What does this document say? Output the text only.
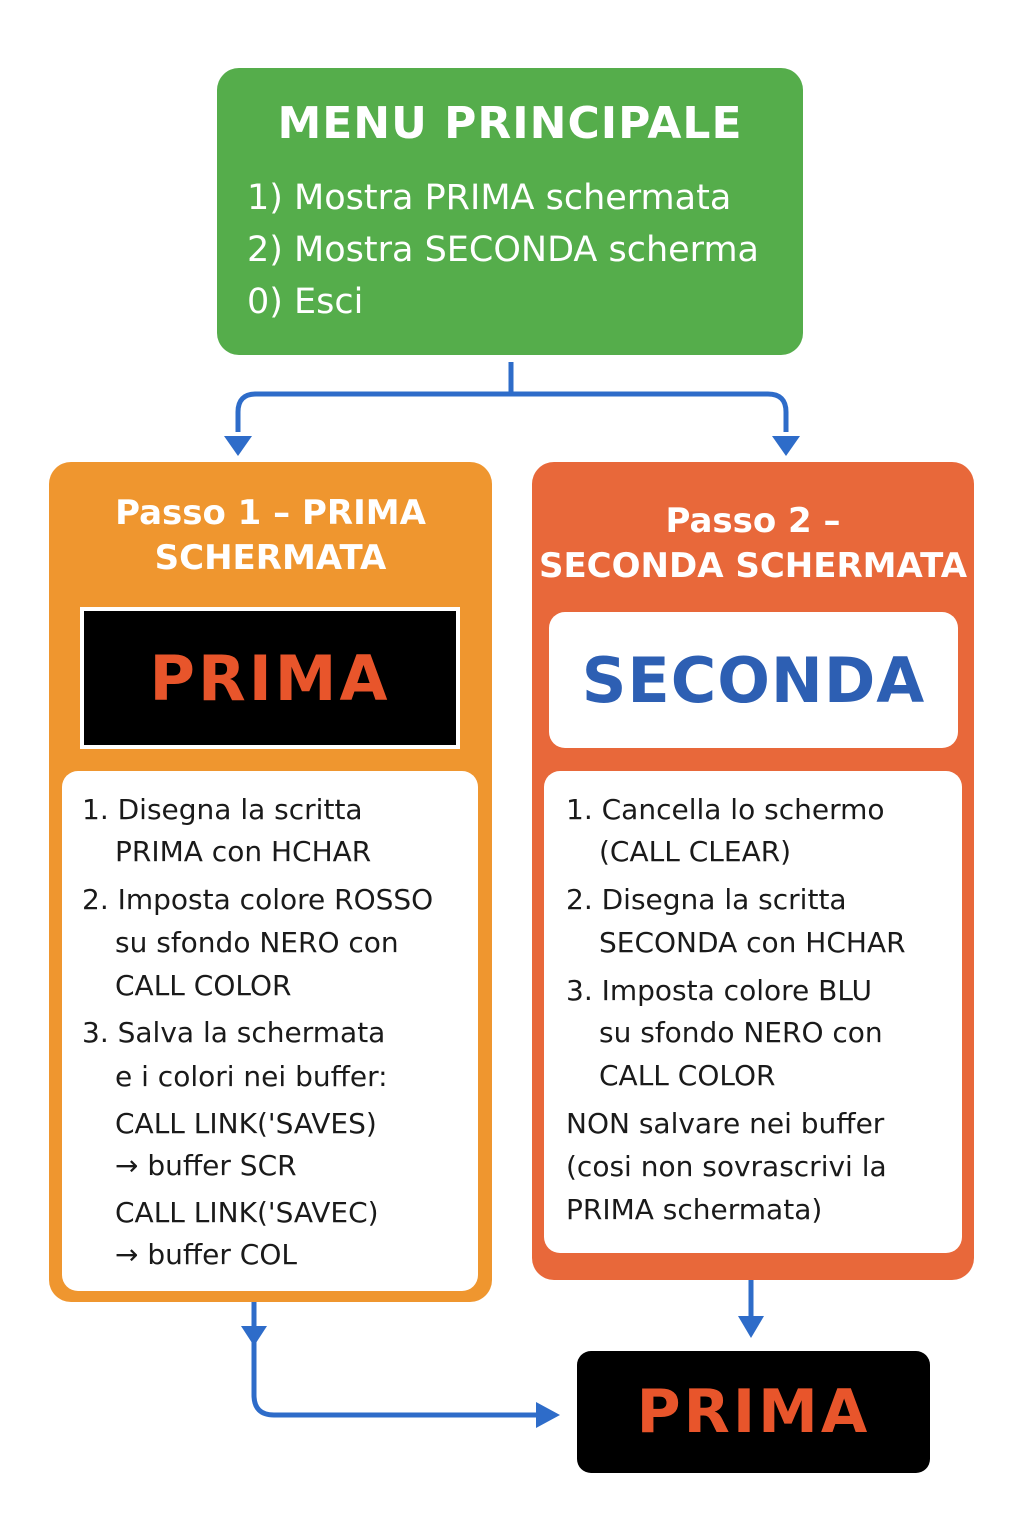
MENU PRINCIPALE
1) Mostra PRIMA schermata
2) Mostra SECONDA scherma
0) Esci
Passo 1 – PRIMA
SCHERMATA
PRIMA
1. Disegna la scritta
PRIMA con HCHAR
2. Imposta colore ROSSO
su sfondo NERO con
CALL COLOR
3. Salva la schermata
e i colori nei buffer:
CALL LINK('SAVES)
→ buffer SCR
CALL LINK('SAVEC)
→ buffer COL
Passo 2 –
SECONDA SCHERMATA
SECONDA
1. Cancella lo schermo
(CALL CLEAR)
2. Disegna la scritta
SECONDA con HCHAR
3. Imposta colore BLU
su sfondo NERO con
CALL COLOR
NON salvare nei buffer
(cosi non sovrascrivi la
PRIMA schermata)
PRIMA
